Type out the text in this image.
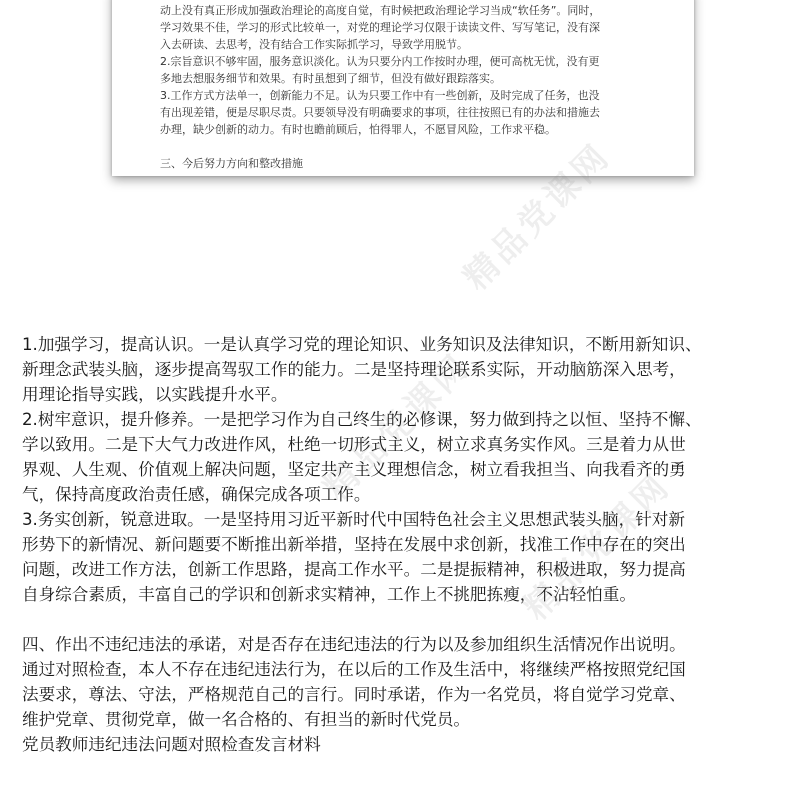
动上没有真正形成加强政治理论的高度自觉，有时候把政治理论学习当成“软任务”。同时，

学习效果不佳，学习的形式比较单一，对党的理论学习仅限于读读文件、写写笔记，没有深

入去研读、去思考，没有结合工作实际抓学习，导致学用脱节。

2.宗旨意识不够牢固，服务意识淡化。认为只要分内工作按时办理，便可高枕无忧，没有更

多地去想服务细节和效果。有时虽想到了细节，但没有做好跟踪落实。

3.工作方式方法单一，创新能力不足。认为只要工作中有一些创新，及时完成了任务，也没

有出现差错，便是尽职尽责。只要领导没有明确要求的事项，往往按照已有的办法和措施去

办理，缺少创新的动力。有时也瞻前顾后，怕得罪人，不愿冒风险，工作求平稳。

三、今后努力方向和整改措施

精品党课网
精品党课网

1.加强学习，提高认识。一是认真学习党的理论知识、业务知识及法律知识，不断用新知识、

新理念武装头脑，逐步提高驾驭工作的能力。二是坚持理论联系实际，开动脑筋深入思考，

用理论指导实践，以实践提升水平。

2.树牢意识，提升修养。一是把学习作为自己终生的必修课，努力做到持之以恒、坚持不懈、

学以致用。二是下大气力改进作风，杜绝一切形式主义，树立求真务实作风。三是着力从世

界观、人生观、价值观上解决问题，坚定共产主义理想信念，树立看我担当、向我看齐的勇

气，保持高度政治责任感，确保完成各项工作。

3.务实创新，锐意进取。一是坚持用习近平新时代中国特色社会主义思想武装头脑，针对新

形势下的新情况、新问题要不断推出新举措，坚持在发展中求创新，找准工作中存在的突出

问题，改进工作方法，创新工作思路，提高工作水平。二是提振精神，积极进取，努力提高

自身综合素质，丰富自己的学识和创新求实精神，工作上不挑肥拣瘦，不沾轻怕重。

四、作出不违纪违法的承诺，对是否存在违纪违法的行为以及参加组织生活情况作出说明。

通过对照检查，本人不存在违纪违法行为，在以后的工作及生活中，将继续严格按照党纪国

法要求，尊法、守法，严格规范自己的言行。同时承诺，作为一名党员，将自觉学习党章、

维护党章、贯彻党章，做一名合格的、有担当的新时代党员。

党员教师违纪违法问题对照检查发言材料
